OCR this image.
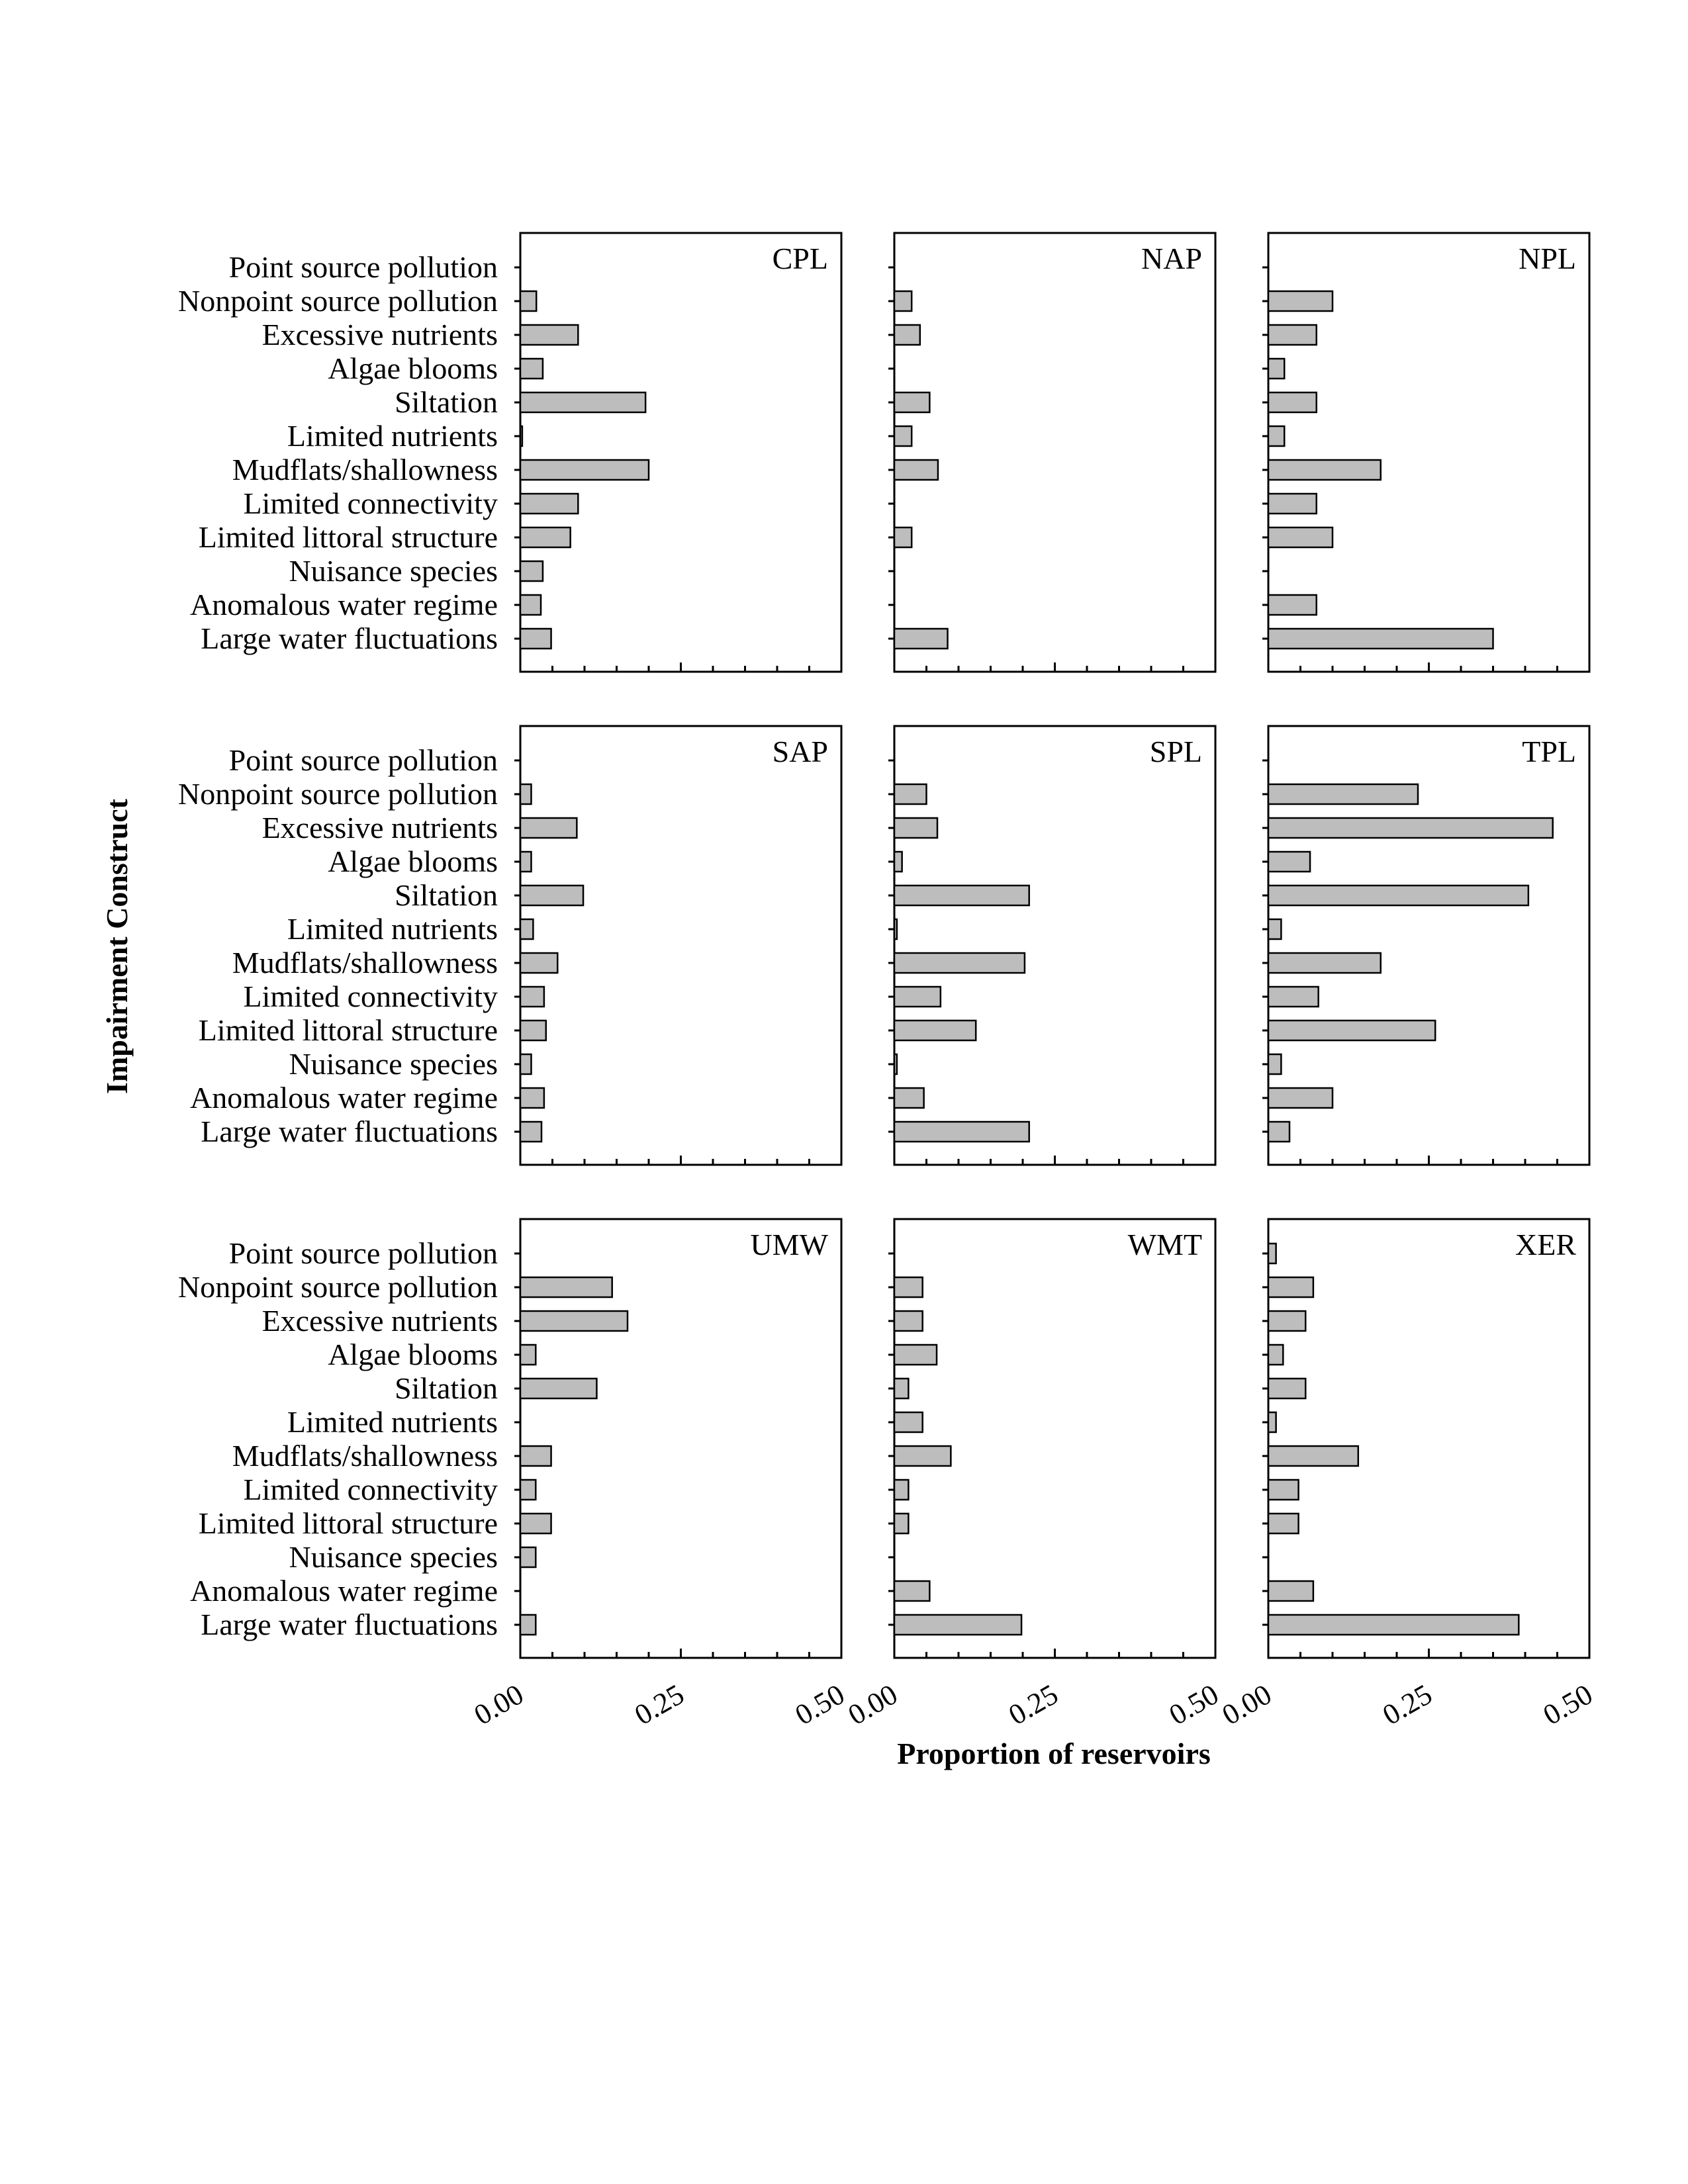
Impairment Construct
Proportion of reservoirs
CPL
Point source pollution
Nonpoint source pollution
Excessive nutrients
Algae blooms
Siltation
Limited nutrients
Mudflats/shallowness
Limited connectivity
Limited littoral structure
Nuisance species
Anomalous water regime
Large water fluctuations
NAP	NPL
SAP
Point source pollution
Nonpoint source pollution
Excessive nutrients
Algae blooms
Siltation
Limited nutrients
Mudflats/shallowness
Limited connectivity
Limited littoral structure
Nuisance species
Anomalous water regime
Large water fluctuations
SPL	TPL
UMW
Point source pollution
Nonpoint source pollution
Excessive nutrients
Algae blooms
Siltation
Limited nutrients
Mudflats/shallowness
Limited connectivity
Limited littoral structure
Nuisance species
Anomalous water regime
Large water fluctuations
0.00	0.25	0.50
WMT
0.00	0.25	0.50
XER
0.00	0.25	0.50
